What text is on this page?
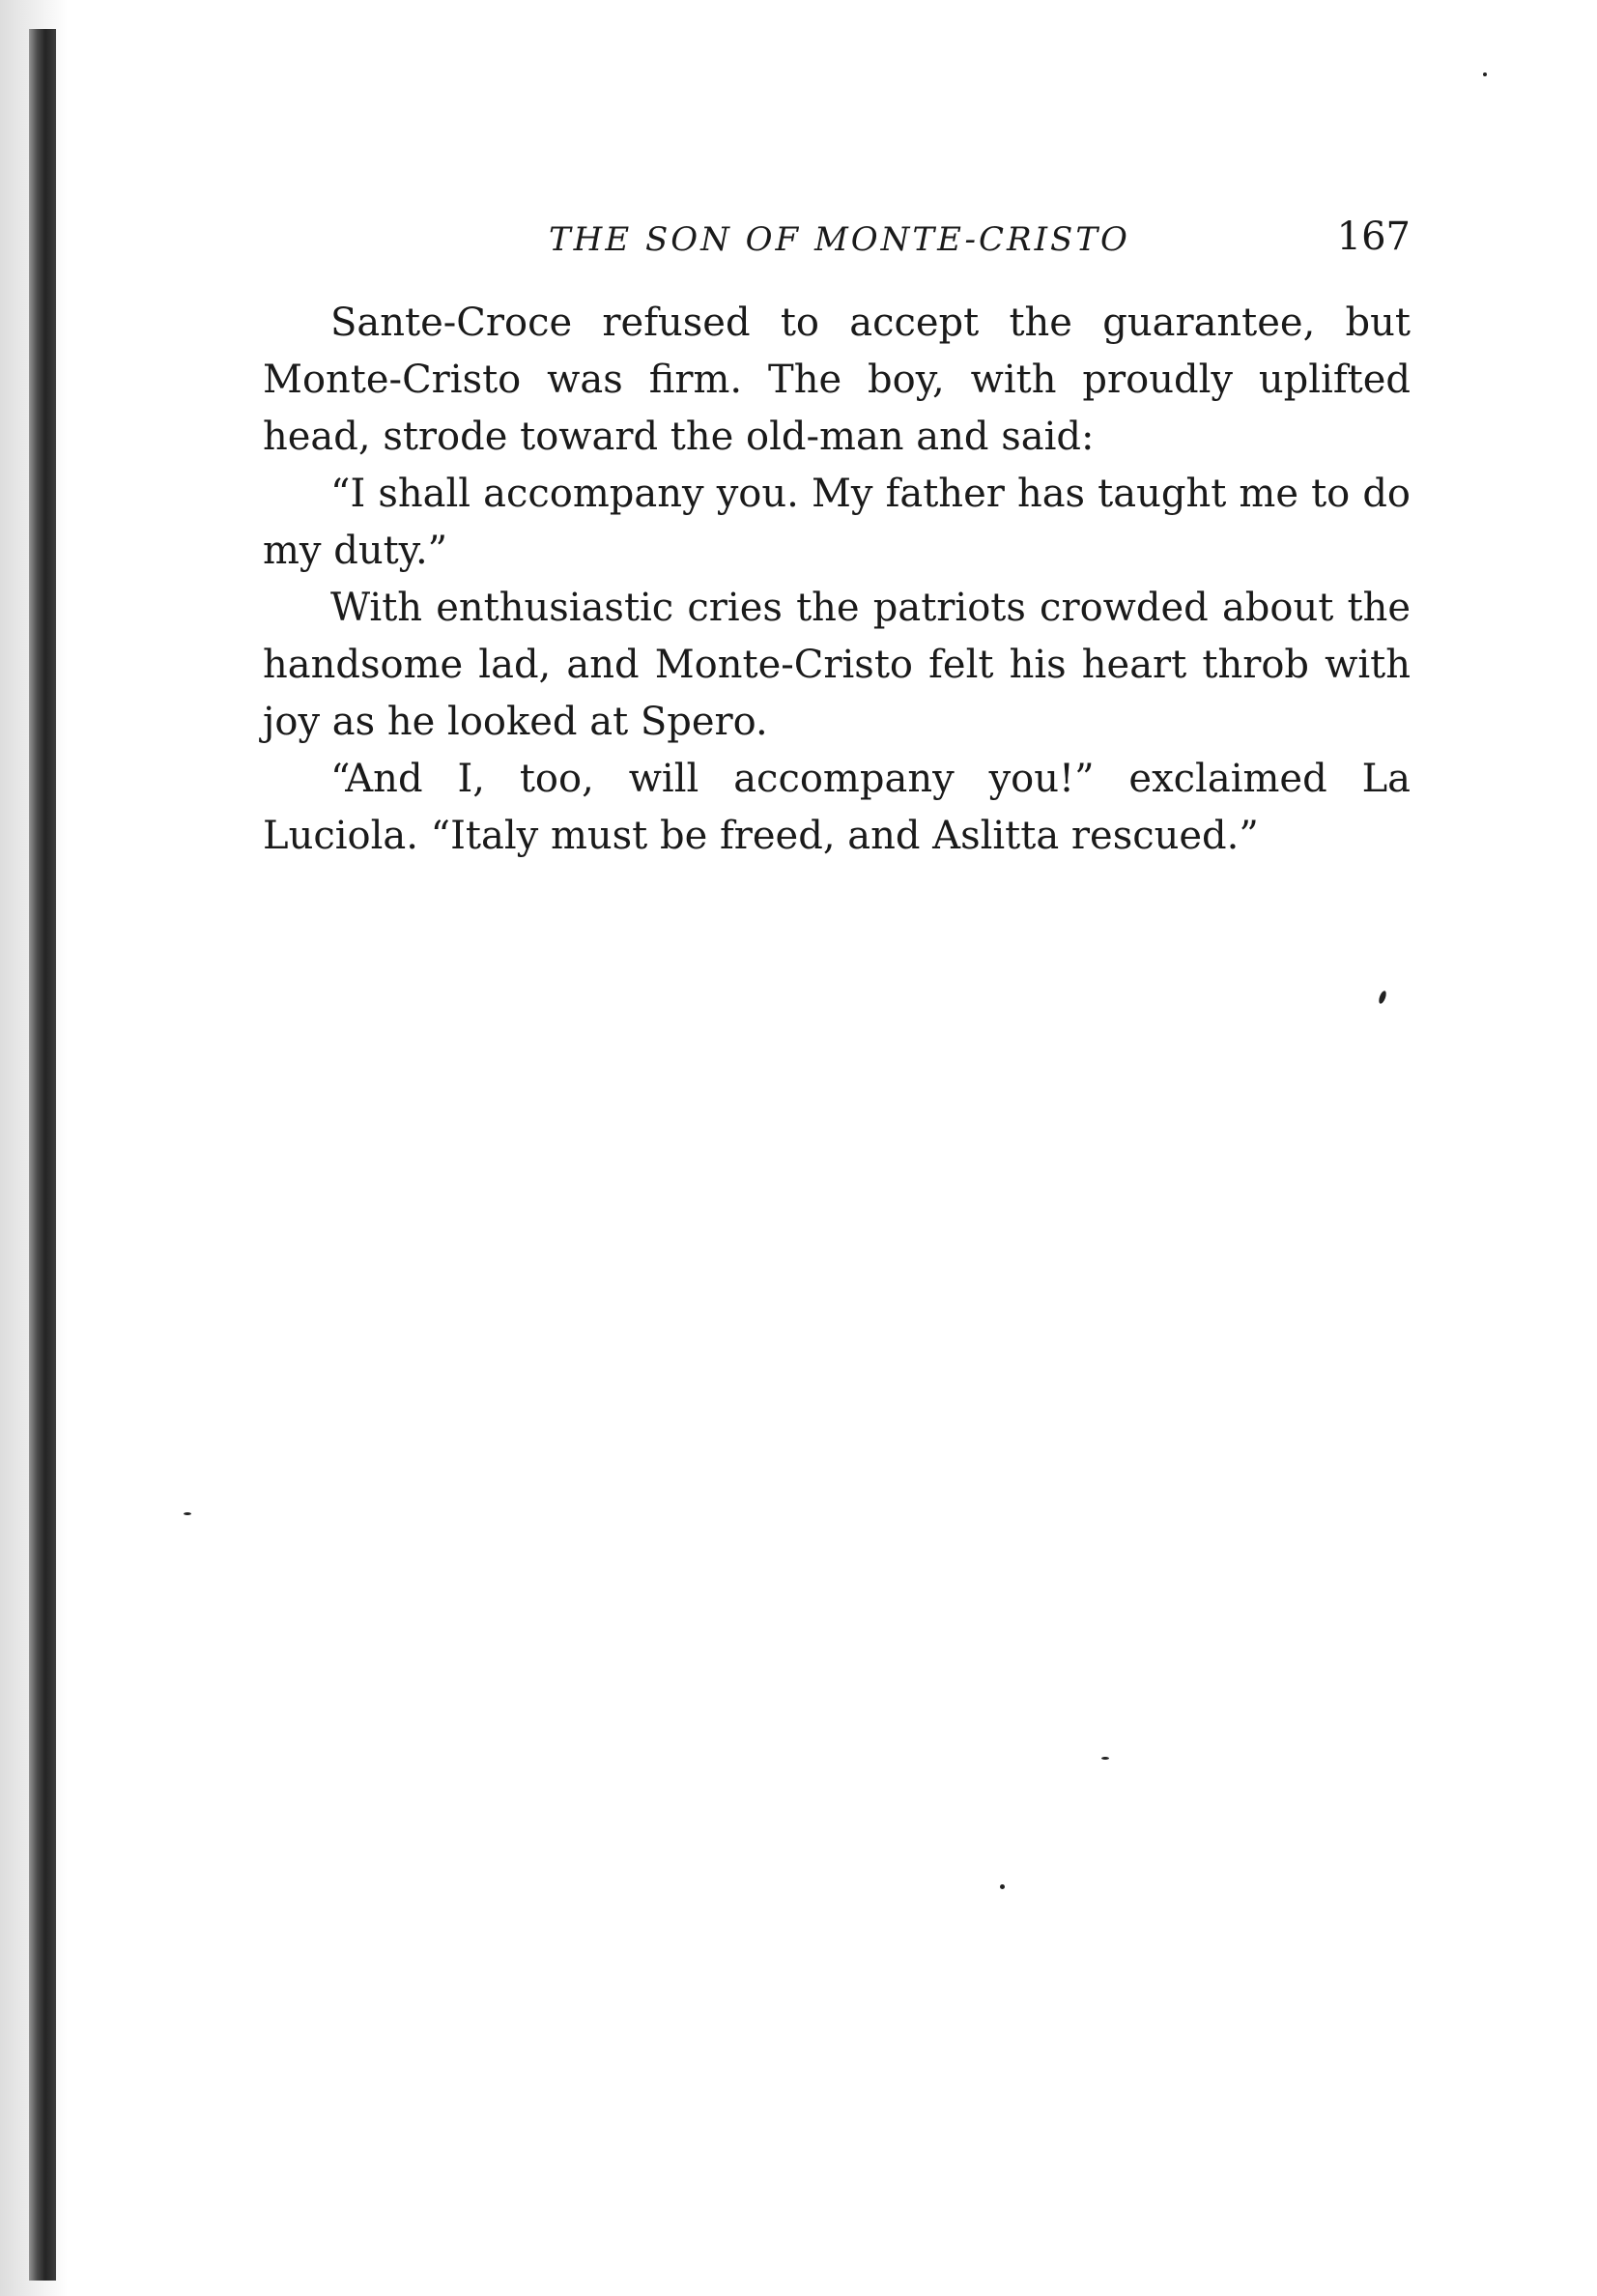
THE SON OF MONTE-CRISTO	167

Sante-Croce refused to accept the guarantee, but Monte-Cristo was firm. The boy, with proudly uplifted head, strode toward the old-man and said:

“I shall accompany you. My father has taught me to do my duty.”

With enthusiastic cries the patriots crowded about the handsome lad, and Monte-Cristo felt his heart throb with joy as he looked at Spero.

“And I, too, will accompany you!” exclaimed La Luciola. “Italy must be freed, and Aslitta rescued.”
